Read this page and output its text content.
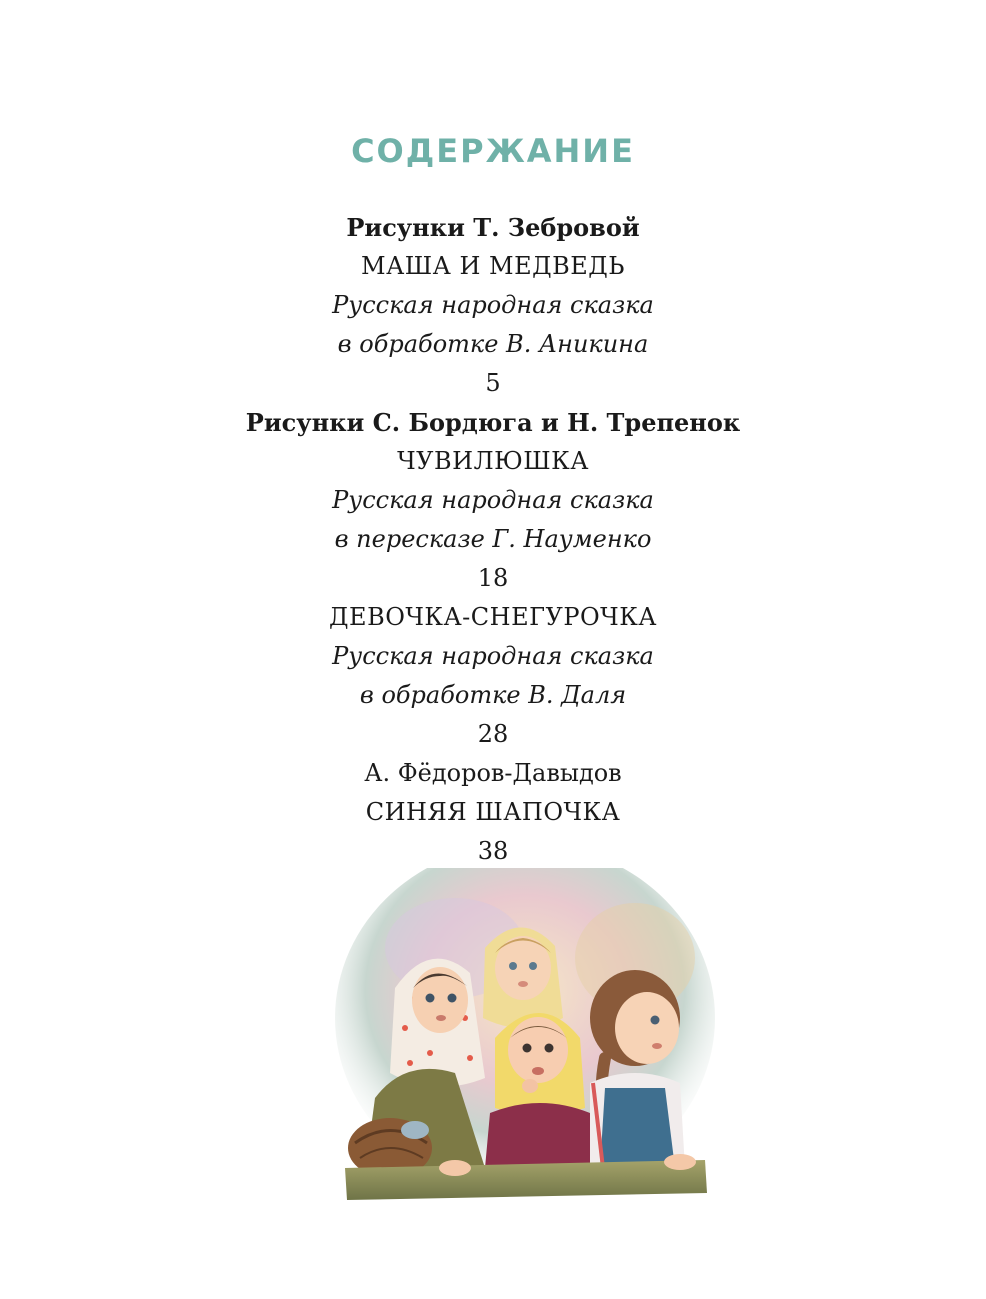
СОДЕРЖАНИЕ
Рисунки Т. Зебровой
МАША И МЕДВЕДЬ
Русская народная сказка
в обработке В. Аникина
5
Рисунки С. Бордюга и Н. Трепенок
ЧУВИЛЮШКА
Русская народная сказка
в пересказе Г. Науменко
18
ДЕВОЧКА-СНЕГУРОЧКА
Русская народная сказка
в обработке В. Даля
28
А. Фёдоров-Давыдов
СИНЯЯ ШАПОЧКА
38
